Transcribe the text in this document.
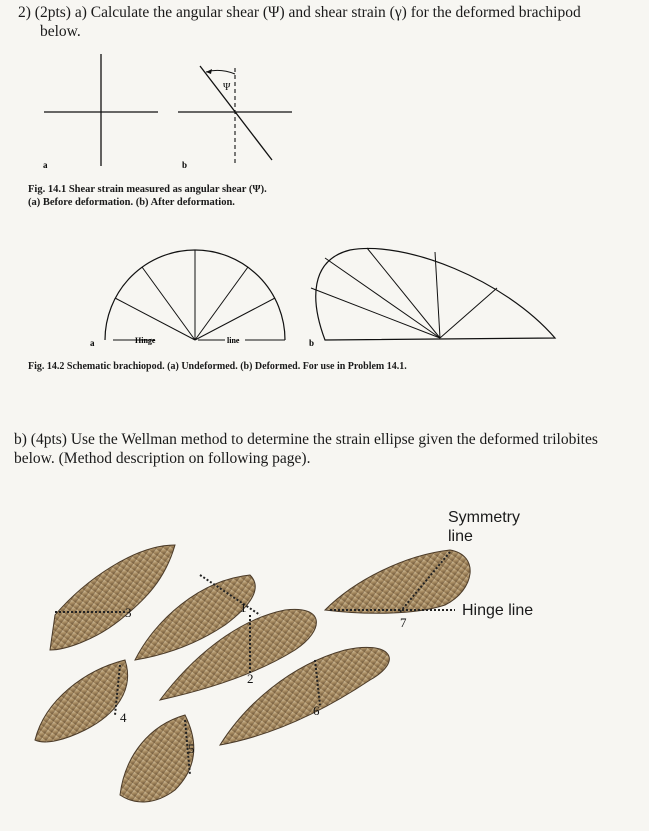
2) (2pts) a) Calculate the angular shear (Ψ) and shear strain (γ) for the deformed brachipod
below.
Ψ
a	b
Fig. 14.1 Shear strain measured as angular shear (Ψ).
(a) Before deformation. (b) After deformation.
Hinge	line
a	b
Fig. 14.2 Schematic brachiopod. (a) Undeformed. (b) Deformed. For use in Problem 14.1.
b) (4pts) Use the Wellman method to determine the strain ellipse given the deformed trilobites
below. (Method description on following page).
3	1
2
4
5
6
7
Symmetry
line
Hinge line
